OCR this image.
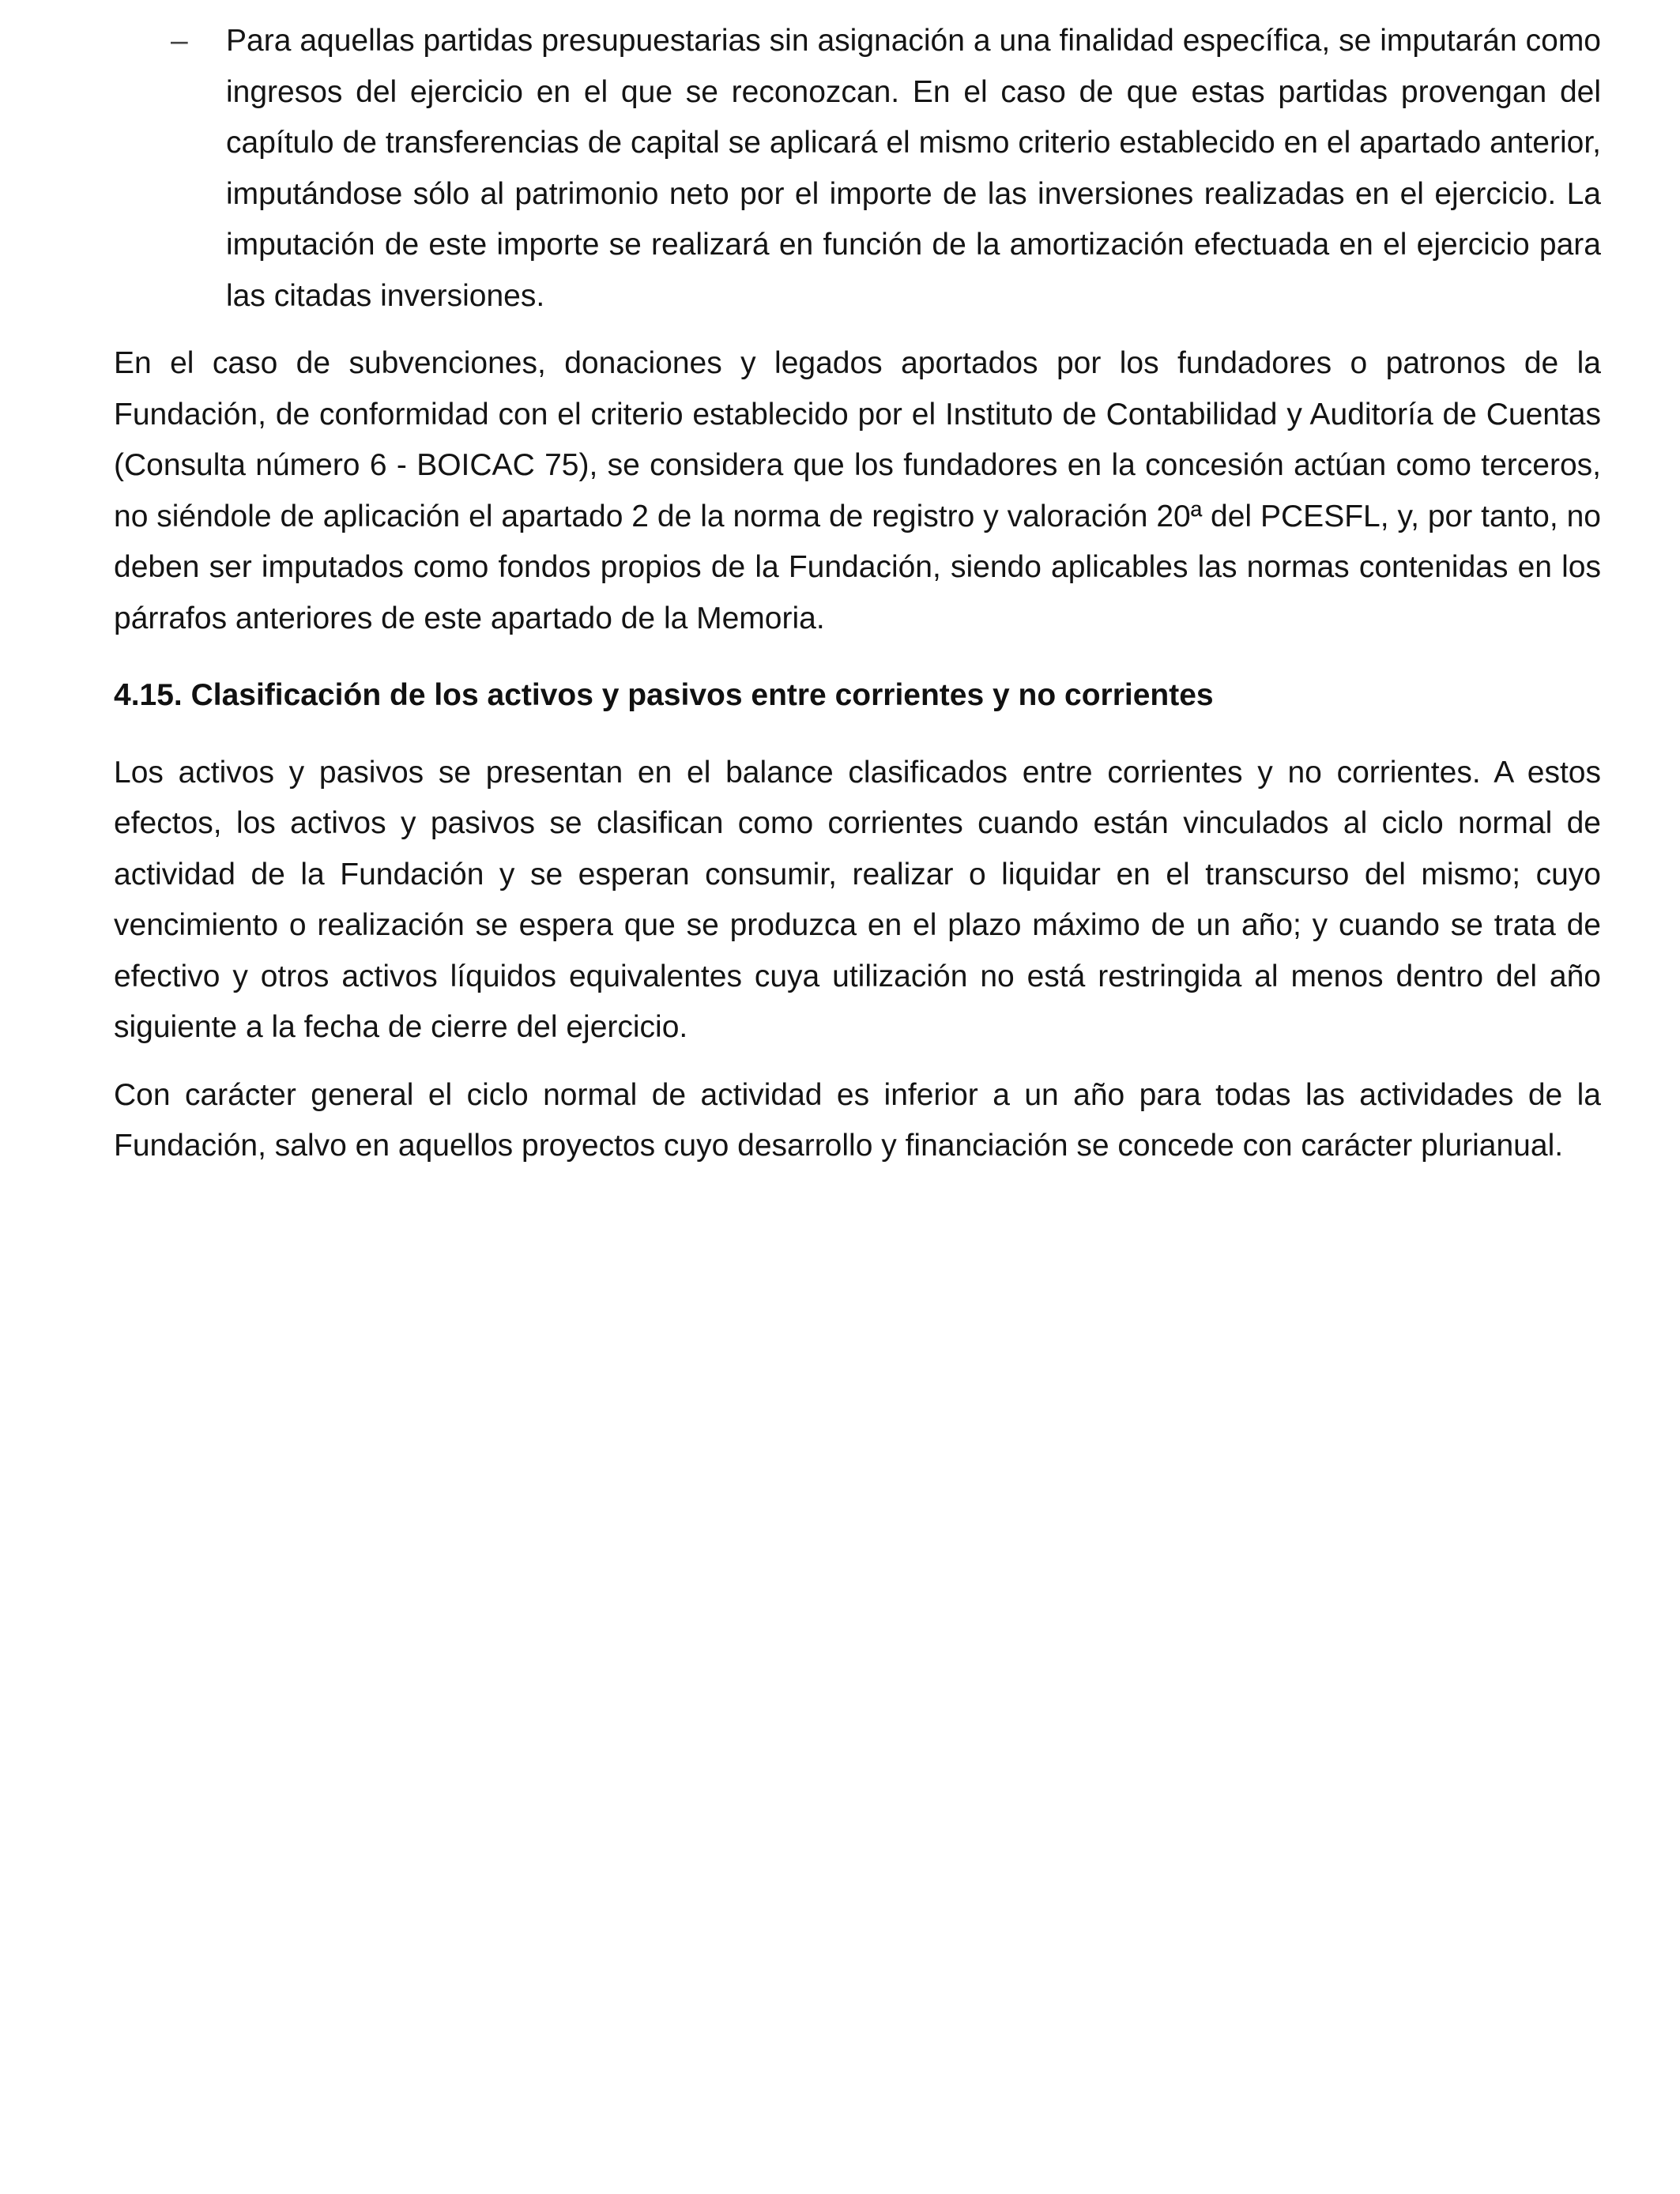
– Para aquellas partidas presupuestarias sin asignación a una finalidad específica, se imputarán como ingresos del ejercicio en el que se reconozcan. En el caso de que estas partidas provengan del capítulo de transferencias de capital se aplicará el mismo criterio establecido en el apartado anterior, imputándose sólo al patrimonio neto por el importe de las inversiones realizadas en el ejercicio. La imputación de este importe se realizará en función de la amortización efectuada en el ejercicio para las citadas inversiones.

En el caso de subvenciones, donaciones y legados aportados por los fundadores o patronos de la Fundación, de conformidad con el criterio establecido por el Instituto de Contabilidad y Auditoría de Cuentas (Consulta número 6 - BOICAC 75), se considera que los fundadores en la concesión actúan como terceros, no siéndole de aplicación el apartado 2 de la norma de registro y valoración 20ª del PCESFL, y, por tanto, no deben ser imputados como fondos propios de la Fundación, siendo aplicables las normas contenidas en los párrafos anteriores de este apartado de la Memoria.

4.15. Clasificación de los activos y pasivos entre corrientes y no corrientes

Los activos y pasivos se presentan en el balance clasificados entre corrientes y no corrientes. A estos efectos, los activos y pasivos se clasifican como corrientes cuando están vinculados al ciclo normal de actividad de la Fundación y se esperan consumir, realizar o liquidar en el transcurso del mismo; cuyo vencimiento o realización se espera que se produzca en el plazo máximo de un año; y cuando se trata de efectivo y otros activos líquidos equivalentes cuya utilización no está restringida al menos dentro del año siguiente a la fecha de cierre del ejercicio.

Con carácter general el ciclo normal de actividad es inferior a un año para todas las actividades de la Fundación, salvo en aquellos proyectos cuyo desarrollo y financiación se concede con carácter plurianual.
